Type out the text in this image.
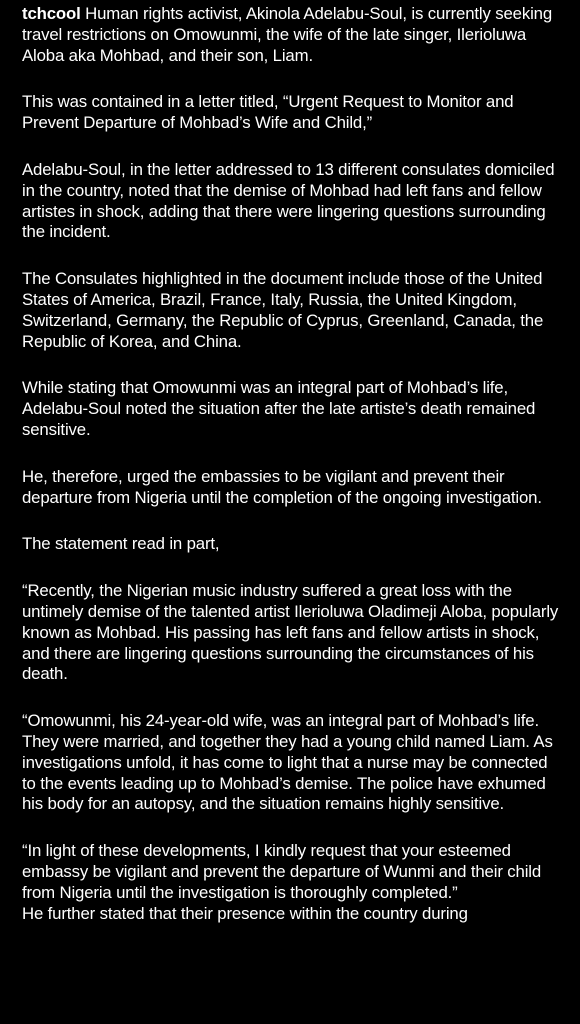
tchcool Human rights activist, Akinola Adelabu-Soul, is currently seeking travel restrictions on Omowunmi, the wife of the late singer, Ilerioluwa Aloba aka Mohbad, and their son, Liam.

This was contained in a letter titled, “Urgent Request to Monitor and Prevent Departure of Mohbad’s Wife and Child,”

Adelabu-Soul, in the letter addressed to 13 different consulates domiciled in the country, noted that the demise of Mohbad had left fans and fellow artistes in shock, adding that there were lingering questions surrounding the incident.

The Consulates highlighted in the document include those of the United States of America, Brazil, France, Italy, Russia, the United Kingdom, Switzerland, Germany, the Republic of Cyprus, Greenland, Canada, the Republic of Korea, and China.

While stating that Omowunmi was an integral part of Mohbad’s life, Adelabu-Soul noted the situation after the late artiste’s death remained sensitive.

He, therefore, urged the embassies to be vigilant and prevent their departure from Nigeria until the completion of the ongoing investigation.

The statement read in part,

“Recently, the Nigerian music industry suffered a great loss with the untimely demise of the talented artist Ilerioluwa Oladimeji Aloba, popularly known as Mohbad. His passing has left fans and fellow artists in shock, and there are lingering questions surrounding the circumstances of his death.

“Omowunmi, his 24-year-old wife, was an integral part of Mohbad’s life. They were married, and together they had a young child named Liam. As investigations unfold, it has come to light that a nurse may be connected to the events leading up to Mohbad’s demise. The police have exhumed his body for an autopsy, and the situation remains highly sensitive.

“In light of these developments, I kindly request that your esteemed embassy be vigilant and prevent the departure of Wunmi and their child from Nigeria until the investigation is thoroughly completed.”

He further stated that their presence within the country during
